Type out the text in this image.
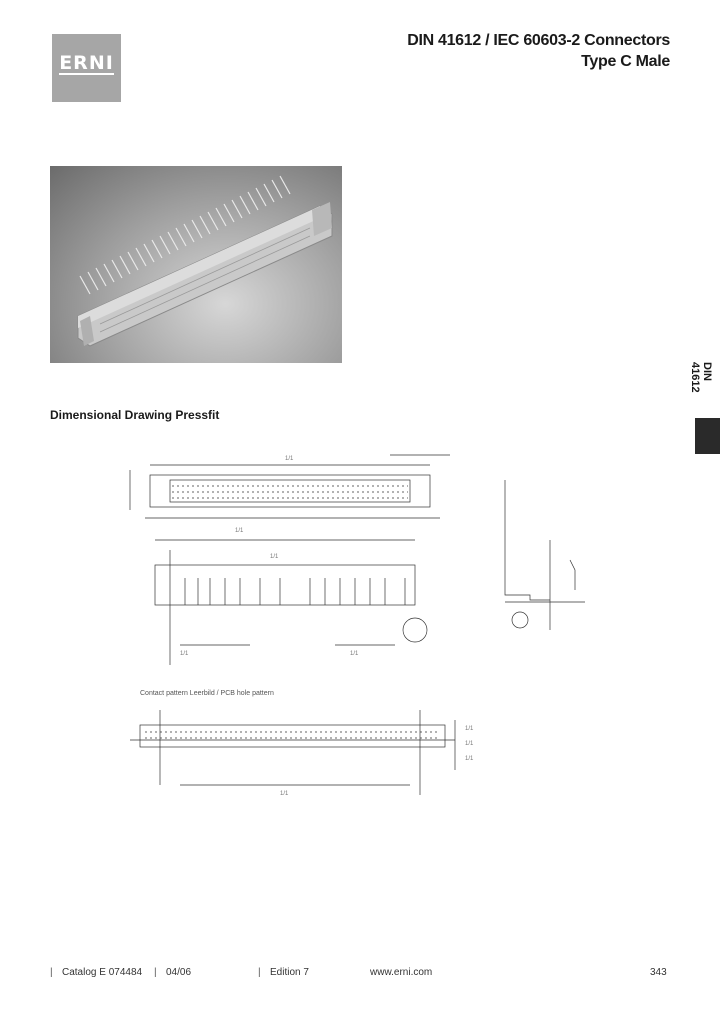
ERNI
DIN 41612 / IEC 60603-2 Connectors
Type C Male
DIN 41612
Dimensional Drawing Pressfit
1/1
1/1
1/1
1/1	1/1
1/1
1/1
1/1
1/1
Contact pattern Leerbild / PCB hole pattern
| Catalog E 074484 | 04/06	| Edition 7	www.erni.com	343
